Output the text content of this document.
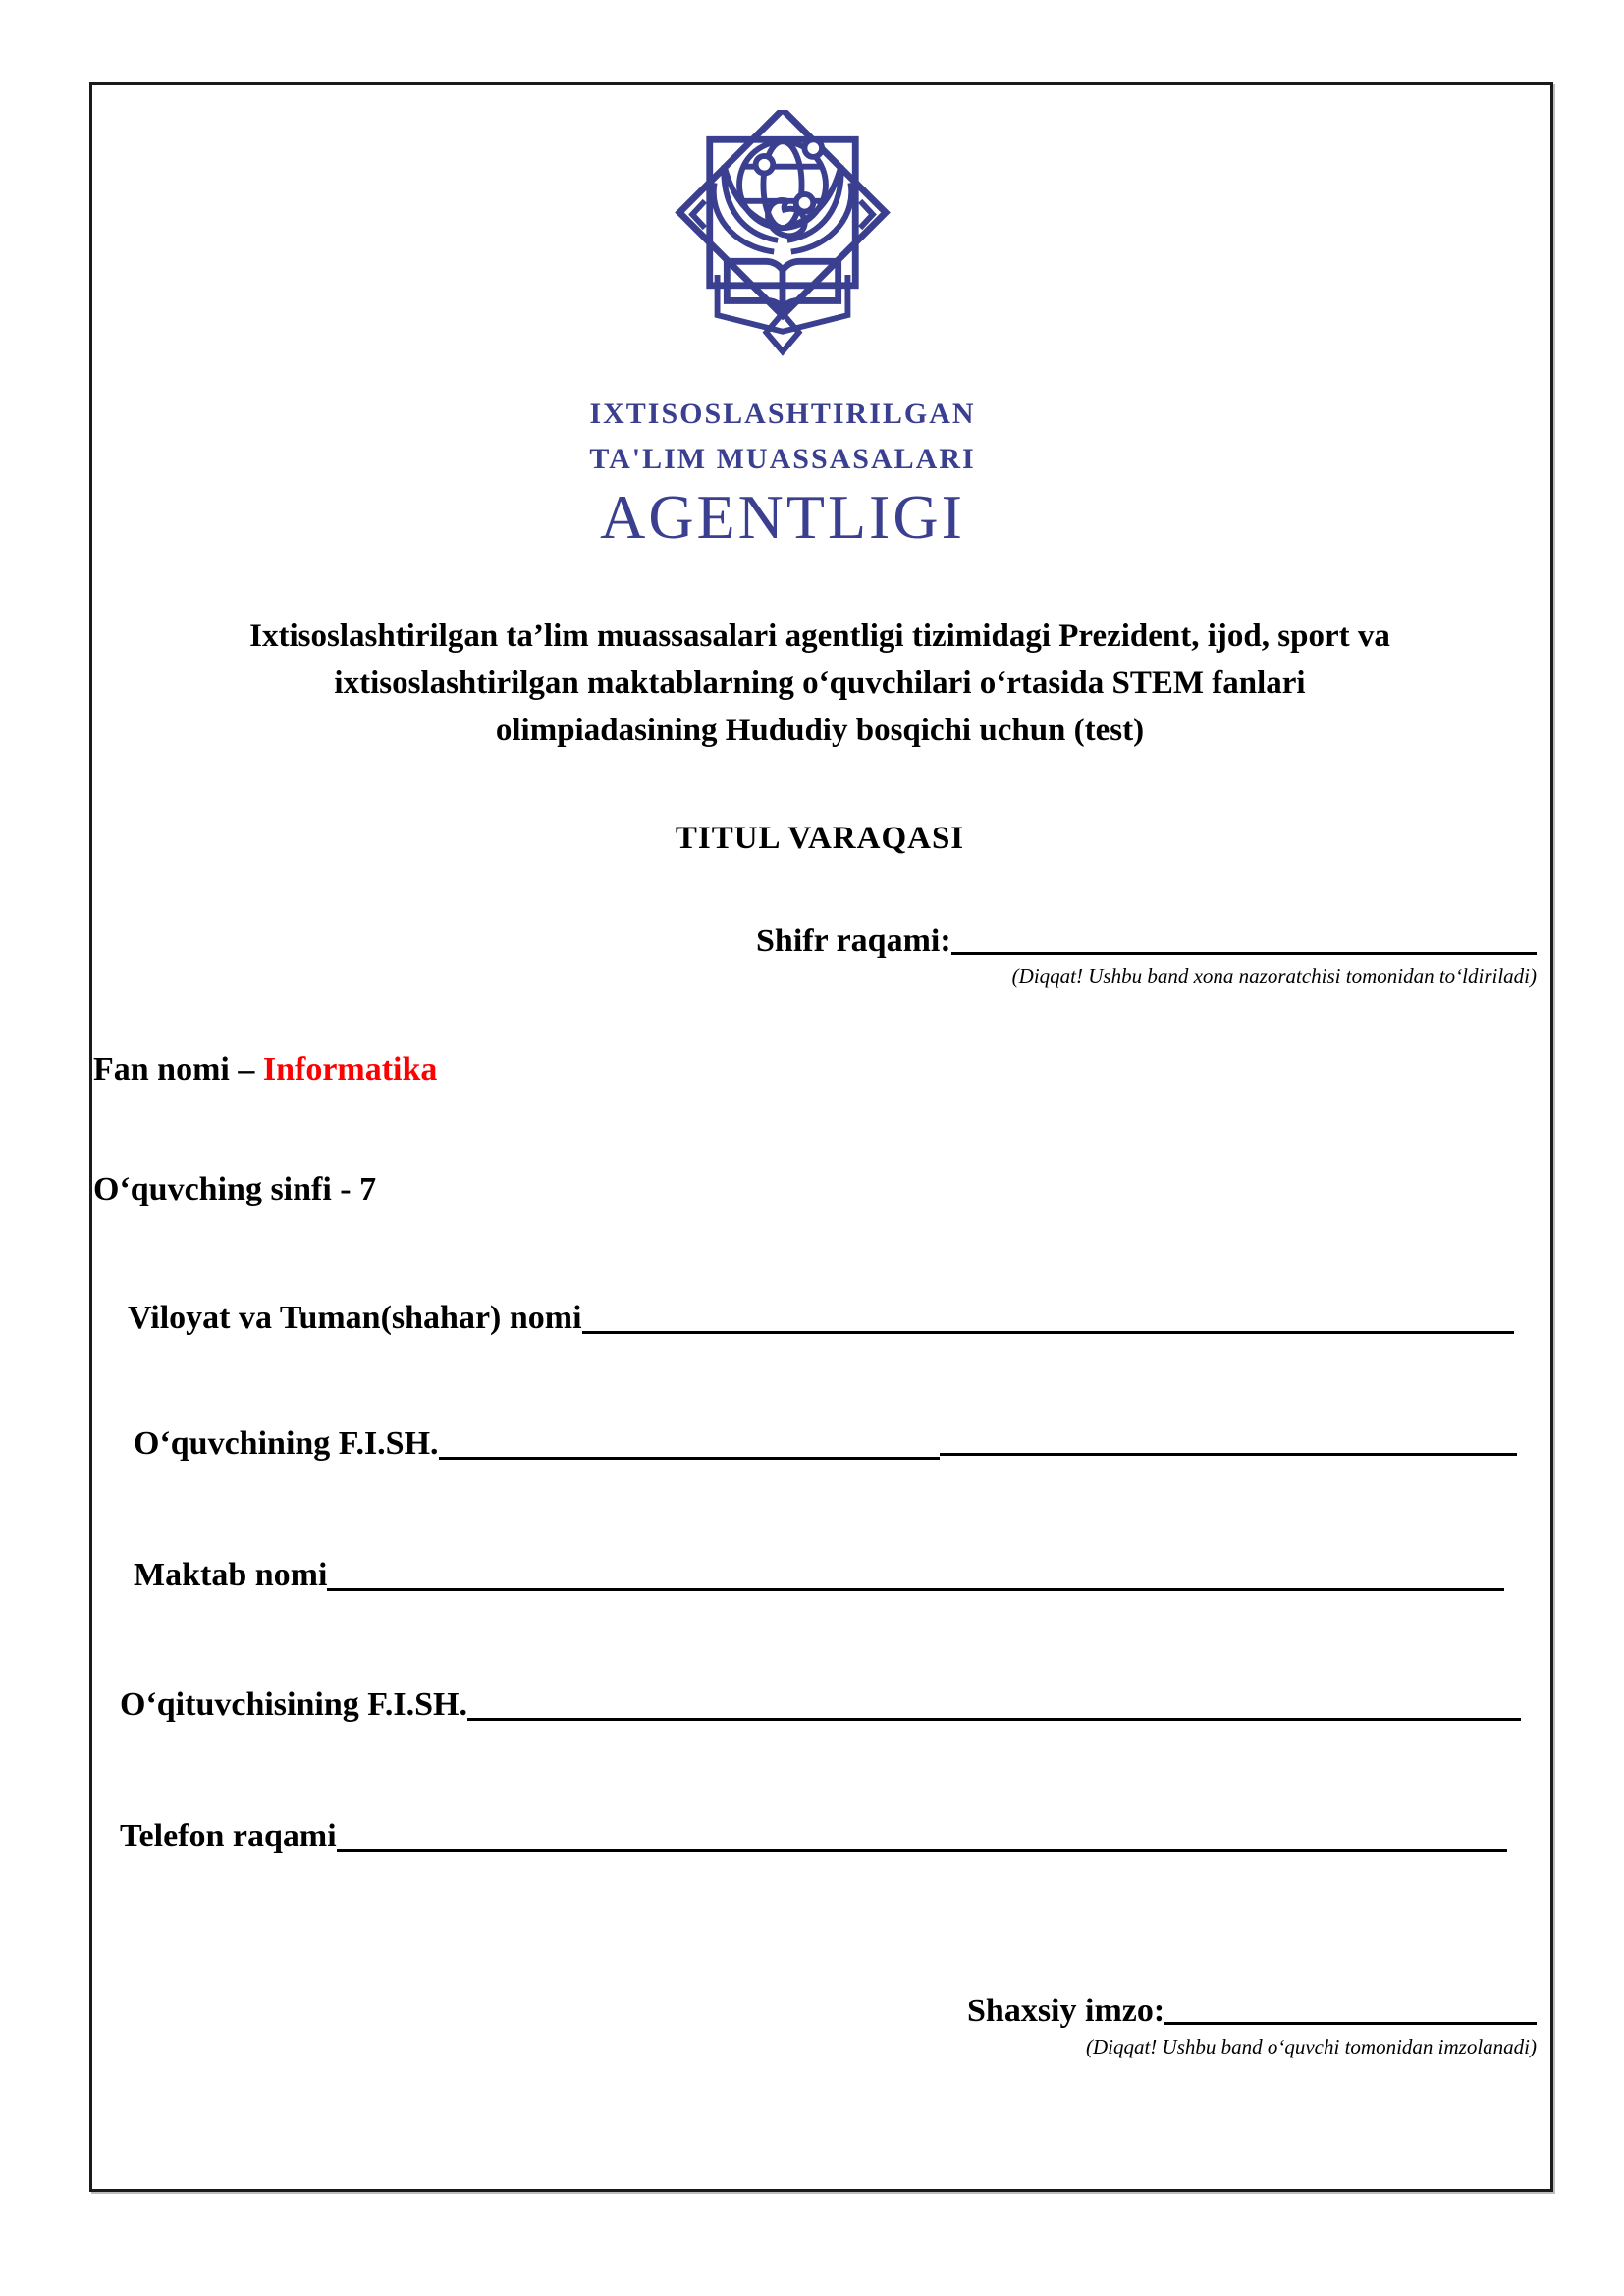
IXTISOSLASHTIRILGAN
TA'LIM MUASSASALARI
AGENTLIGI
Ixtisoslashtirilgan ta’lim muassasalari agentligi tizimidagi Prezident, ijod, sport va
ixtisoslashtirilgan maktablarning o‘quvchilari o‘rtasida STEM fanlari
olimpiadasining Hududiy bosqichi uchun (test)
TITUL VARAQASI
Shifr raqami:
(Diqqat! Ushbu band xona nazoratchisi tomonidan to‘ldiriladi)
Fan nomi – Informatika
O‘quvching sinfi - 7
Viloyat va Tuman(shahar) nomi
O‘quvchining F.I.SH.
Maktab nomi
O‘qituvchisining F.I.SH.
Telefon raqami
Shaxsiy imzo:
(Diqqat! Ushbu band o‘quvchi tomonidan imzolanadi)
